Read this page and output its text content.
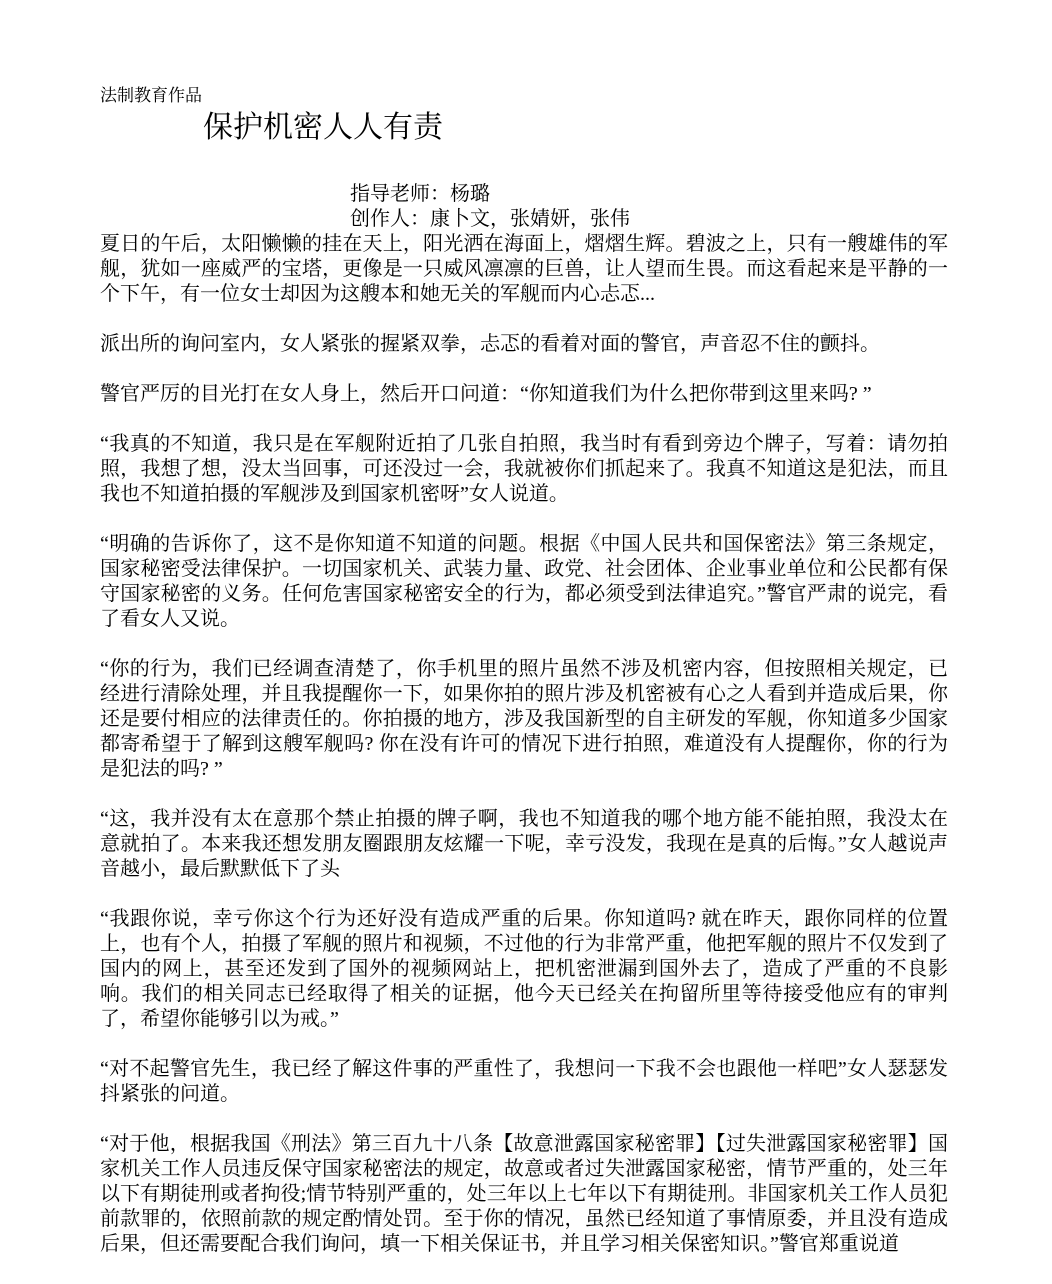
法制教育作品

保护机密人人有责

指导老师：杨璐

创作人：康卜文，张婧妍，张伟

夏日的午后，太阳懒懒的挂在天上，阳光洒在海面上，熠熠生辉。碧波之上，只有一艘雄伟的军舰，犹如一座威严的宝塔，更像是一只威风凛凛的巨兽，让人望而生畏。而这看起来是平静的一个下午，有一位女士却因为这艘本和她无关的军舰而内心忐忑...

派出所的询问室内，女人紧张的握紧双拳，忐忑的看着对面的警官，声音忍不住的颤抖。

警官严厉的目光打在女人身上，然后开口问道：“你知道我们为什么把你带到这里来吗? ”

“我真的不知道，我只是在军舰附近拍了几张自拍照，我当时有看到旁边个牌子，写着：请勿拍照，我想了想，没太当回事，可还没过一会，我就被你们抓起来了。我真不知道这是犯法，而且我也不知道拍摄的军舰涉及到国家机密呀”女人说道。

“明确的告诉你了，这不是你知道不知道的问题。根据《中国人民共和国保密法》第三条规定，国家秘密受法律保护。一切国家机关、武装力量、政党、社会团体、企业事业单位和公民都有保守国家秘密的义务。任何危害国家秘密安全的行为，都必须受到法律追究。”警官严肃的说完，看了看女人又说。

“你的行为，我们已经调查清楚了，你手机里的照片虽然不涉及机密内容，但按照相关规定，已经进行清除处理，并且我提醒你一下，如果你拍的照片涉及机密被有心之人看到并造成后果，你还是要付相应的法律责任的。你拍摄的地方，涉及我国新型的自主研发的军舰，你知道多少国家都寄希望于了解到这艘军舰吗? 你在没有许可的情况下进行拍照，难道没有人提醒你，你的行为是犯法的吗? ”

“这，我并没有太在意那个禁止拍摄的牌子啊，我也不知道我的哪个地方能不能拍照，我没太在意就拍了。本来我还想发朋友圈跟朋友炫耀一下呢，幸亏没发，我现在是真的后悔。”女人越说声音越小，最后默默低下了头

“我跟你说，幸亏你这个行为还好没有造成严重的后果。你知道吗? 就在昨天，跟你同样的位置上，也有个人，拍摄了军舰的照片和视频，不过他的行为非常严重，他把军舰的照片不仅发到了国内的网上，甚至还发到了国外的视频网站上，把机密泄漏到国外去了，造成了严重的不良影响。我们的相关同志已经取得了相关的证据，他今天已经关在拘留所里等待接受他应有的审判了，希望你能够引以为戒。”

“对不起警官先生，我已经了解这件事的严重性了，我想问一下我不会也跟他一样吧”女人瑟瑟发抖紧张的问道。

“对于他，根据我国《刑法》第三百九十八条【故意泄露国家秘密罪】【过失泄露国家秘密罪】国家机关工作人员违反保守国家秘密法的规定，故意或者过失泄露国家秘密，情节严重的，处三年以下有期徒刑或者拘役;情节特别严重的，处三年以上七年以下有期徒刑。非国家机关工作人员犯前款罪的，依照前款的规定酌情处罚。至于你的情况，虽然已经知道了事情原委，并且没有造成后果，但还需要配合我们询问，填一下相关保证书，并且学习相关保密知识。”警官郑重说道
